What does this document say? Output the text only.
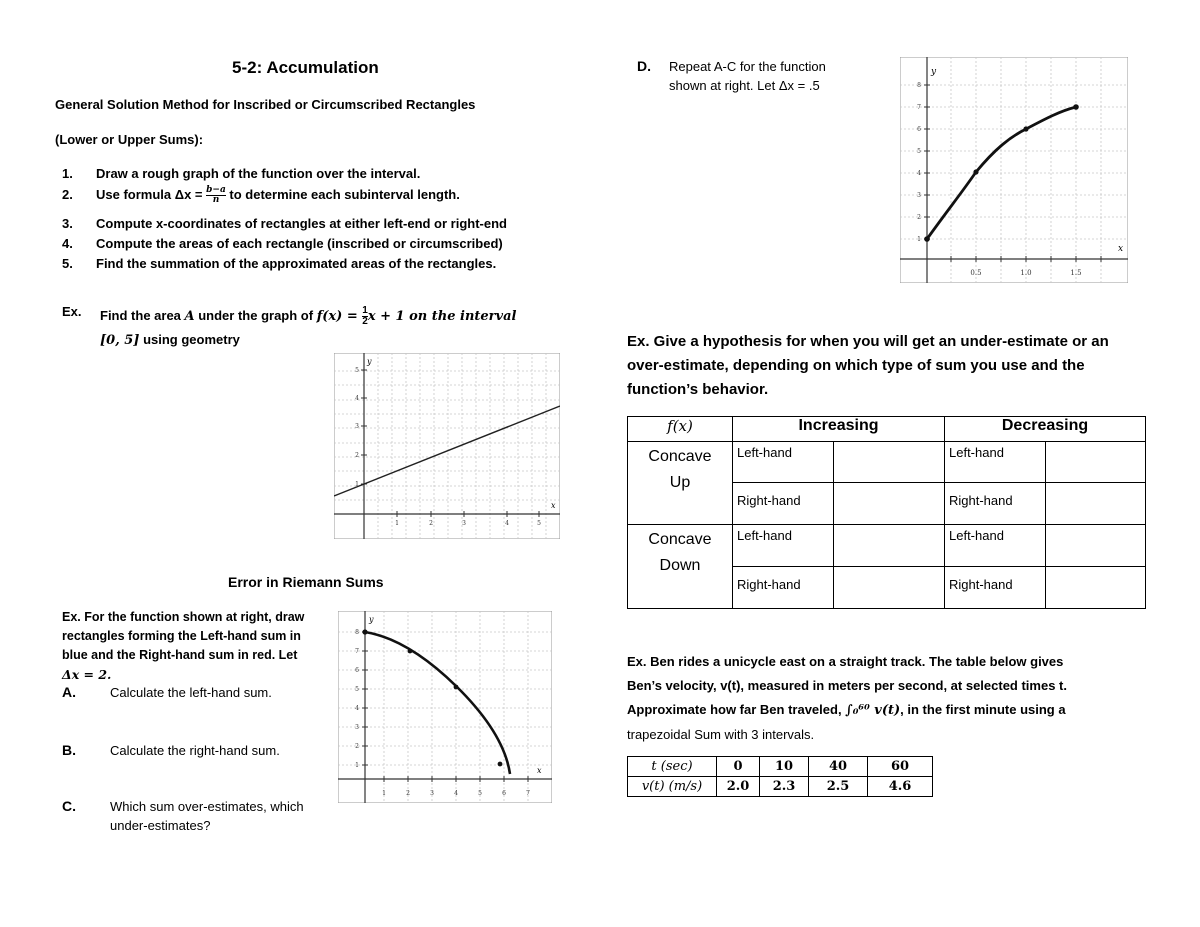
5-2: Accumulation
General Solution Method for Inscribed or Circumscribed Rectangles
(Lower or Upper Sums):
1. Draw a rough graph of the function over the interval.
2. Use formula $\Delta x = \frac{b-a}{n}$ to determine each subinterval length.
3. Compute x-coordinates of rectangles at either left-end or right-end
4. Compute the areas of each rectangle (inscribed or circumscribed)
5. Find the summation of the approximated areas of the rectangles.
Ex. Find the area A under the graph of $f(x) = \frac{1}{2}$ x + 1 on the interval
[0, 5] using geometry
y
x
1	2	3	4	5
1
2
3
4
5
Error in Riemann Sums
Ex. For the function shown at right, draw
rectangles forming the Left-hand sum in
blue and the Right-hand sum in red. Let
Δx = 2.
A.	Calculate the left-hand sum.
B.	Calculate the right-hand sum.
C.	Which sum over-estimates, which
under-estimates?
y
x
1	2	3	4	5	6	7
1
2
3
4
5
6
7
8
D. Repeat A-C for the function
shown at right. Let Δx = .5
y
x
0.5	1.0	1.5
1
2
3
4
5
6
7
8
Ex. Give a hypothesis for when you will get an under-estimate or an
over-estimate, depending on which type of sum you use and the
function’s behavior.
f(x)	Increasing		Decreasing	

Concave
Up	Left-hand		Left-hand	
	Right-hand		Right-hand	

Concave
Down	Left-hand		Left-hand	
	Right-hand		Right-hand	
Ex. Ben rides a unicycle east on a straight track. The table below gives
Ben’s velocity, v(t), measured in meters per second, at selected times t.
Approximate how far Ben traveled, ∫₀⁶⁰ v(t), in the first minute using a
trapezoidal Sum with 3 intervals.
t (sec)	0	10	40	60
v(t) (m/s)	2.0	2.3	2.5	4.6
